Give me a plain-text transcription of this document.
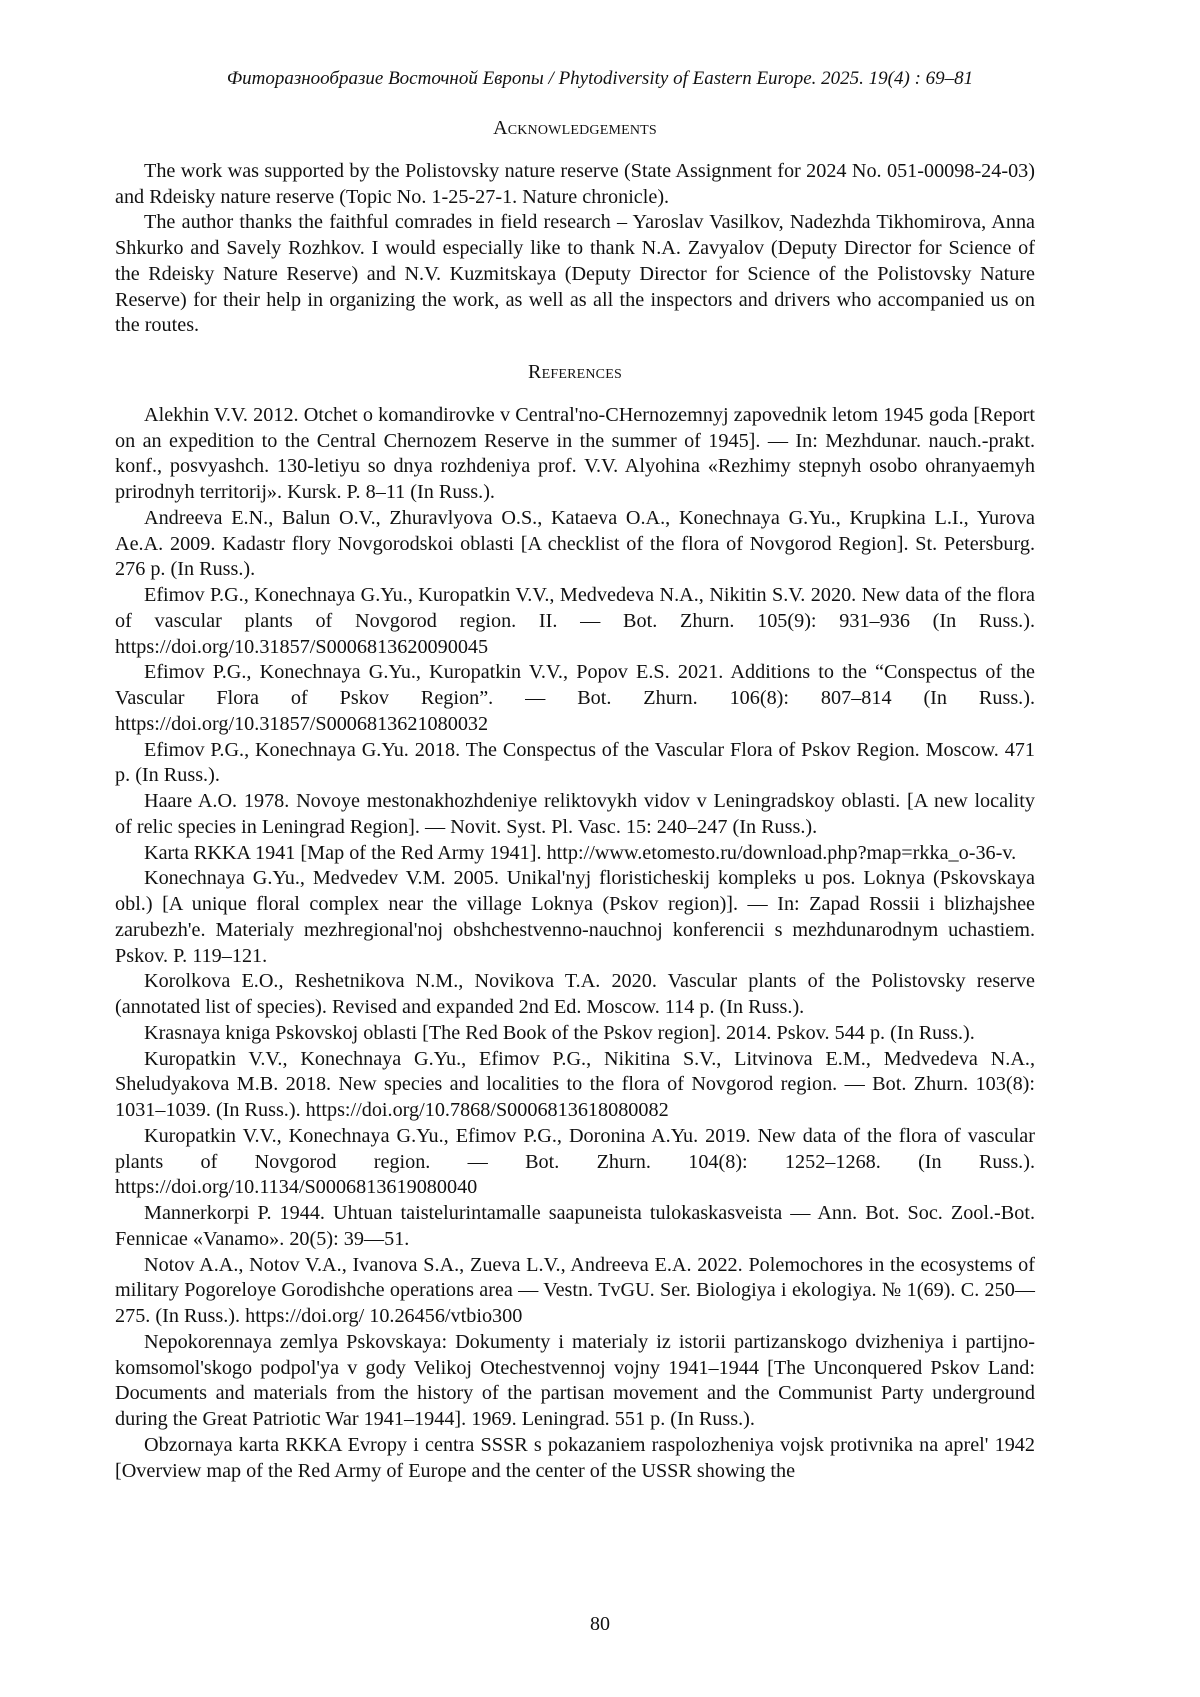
Фиторазнообразие Восточной Европы / Phytodiversity of Eastern Europe. 2025. 19(4) : 69–81
Acknowledgements

The work was supported by the Polistovsky nature reserve (State Assignment for 2024 No. 051-00098-24-03) and Rdeisky nature reserve (Topic No. 1-25-27-1. Nature chronicle).

The author thanks the faithful comrades in field research – Yaroslav Vasilkov, Nadezhda Tikhomirova, Anna Shkurko and Savely Rozhkov. I would especially like to thank N.A. Zavyalov (Deputy Director for Science of the Rdeisky Nature Reserve) and N.V. Kuzmitskaya (Deputy Director for Science of the Polistovsky Nature Reserve) for their help in organizing the work, as well as all the inspectors and drivers who accompanied us on the routes.

References

Alekhin V.V. 2012. Otchet o komandirovke v Central'no-CHernozemnyj zapovednik letom 1945 goda [Report on an expedition to the Central Chernozem Reserve in the summer of 1945]. — In: Mezhdunar. nauch.-prakt. konf., posvyashch. 130-letiyu so dnya rozhdeniya prof. V.V. Alyohina «Rezhimy stepnyh osobo ohranyaemyh prirodnyh territorij». Kursk. P. 8–11 (In Russ.).

Andreeva E.N., Balun O.V., Zhuravlyova O.S., Kataeva O.A., Konechnaya G.Yu., Krupkina L.I., Yurova Ae.A. 2009. Kadastr flory Novgorodskoi oblasti [A checklist of the flora of Novgorod Region]. St. Petersburg. 276 p. (In Russ.).

Efimov P.G., Konechnaya G.Yu., Kuropatkin V.V., Medvedeva N.A., Nikitin S.V. 2020. New data of the flora of vascular plants of Novgorod region. II. — Bot. Zhurn. 105(9): 931–936 (In Russ.). https://doi.org/10.31857/S0006813620090045

Efimov P.G., Konechnaya G.Yu., Kuropatkin V.V., Popov E.S. 2021. Additions to the “Conspectus of the Vascular Flora of Pskov Region”. — Bot. Zhurn. 106(8): 807–814 (In Russ.). https://doi.org/10.31857/S0006813621080032

Efimov P.G., Konechnaya G.Yu. 2018. The Conspectus of the Vascular Flora of Pskov Region. Moscow. 471 p. (In Russ.).

Haare A.O. 1978. Novoye mestonakhozhdeniye reliktovykh vidov v Leningradskoy oblasti. [A new locality of relic species in Leningrad Region]. — Novit. Syst. Pl. Vasc. 15: 240–247 (In Russ.).

Karta RKKA 1941 [Map of the Red Army 1941]. http://www.etomesto.ru/download.php?map=rkka_o-36-v.

Konechnaya G.Yu., Medvedev V.M. 2005. Unikal'nyj floristicheskij kompleks u pos. Loknya (Pskovskaya obl.) [A unique floral complex near the village Loknya (Pskov region)]. — In: Zapad Rossii i blizhajshee zarubezh'e. Materialy mezhregional'noj obshchestvenno-nauchnoj konferencii s mezhdunarodnym uchastiem. Pskov. P. 119–121.

Korolkova E.O., Reshetnikova N.M., Novikova T.A. 2020. Vascular plants of the Polistovsky reserve (annotated list of species). Revised and expanded 2nd Ed. Moscow. 114 p. (In Russ.).

Krasnaya kniga Pskovskoj oblasti [The Red Book of the Pskov region]. 2014. Pskov. 544 p. (In Russ.).

Kuropatkin V.V., Konechnaya G.Yu., Efimov P.G., Nikitina S.V., Litvinova E.M., Medvedeva N.A., Sheludyakova M.B. 2018. New species and localities to the flora of Novgorod region. — Bot. Zhurn. 103(8): 1031–1039. (In Russ.). https://doi.org/10.7868/S0006813618080082

Kuropatkin V.V., Konechnaya G.Yu., Efimov P.G., Doronina A.Yu. 2019. New data of the flora of vascular plants of Novgorod region. — Bot. Zhurn. 104(8): 1252–1268. (In Russ.). https://doi.org/10.1134/S0006813619080040

Mannerkorpi P. 1944. Uhtuan taistelurintamalle saapuneista tulokaskasveista — Ann. Bot. Soc. Zool.-Bot. Fennicae «Vanamo». 20(5): 39—51.

Notov A.A., Notov V.A., Ivanova S.A., Zueva L.V., Andreeva E.A. 2022. Polemochores in the ecosystems of military Pogoreloye Gorodishche operations area — Vestn. TvGU. Ser. Biologiya i ekologiya. № 1(69). C. 250—275. (In Russ.). https://doi.org/ 10.26456/vtbio300

Nepokorennaya zemlya Pskovskaya: Dokumenty i materialy iz istorii partizanskogo dvizheniya i partijno-komsomol'skogo podpol'ya v gody Velikoj Otechestvennoj vojny 1941–1944 [The Unconquered Pskov Land: Documents and materials from the history of the partisan movement and the Communist Party underground during the Great Patriotic War 1941–1944]. 1969. Leningrad. 551 p. (In Russ.).

Obzornaya karta RKKA Evropy i centra SSSR s pokazaniem raspolozheniya vojsk protivnika na aprel' 1942 [Overview map of the Red Army of Europe and the center of the USSR showing the

80
